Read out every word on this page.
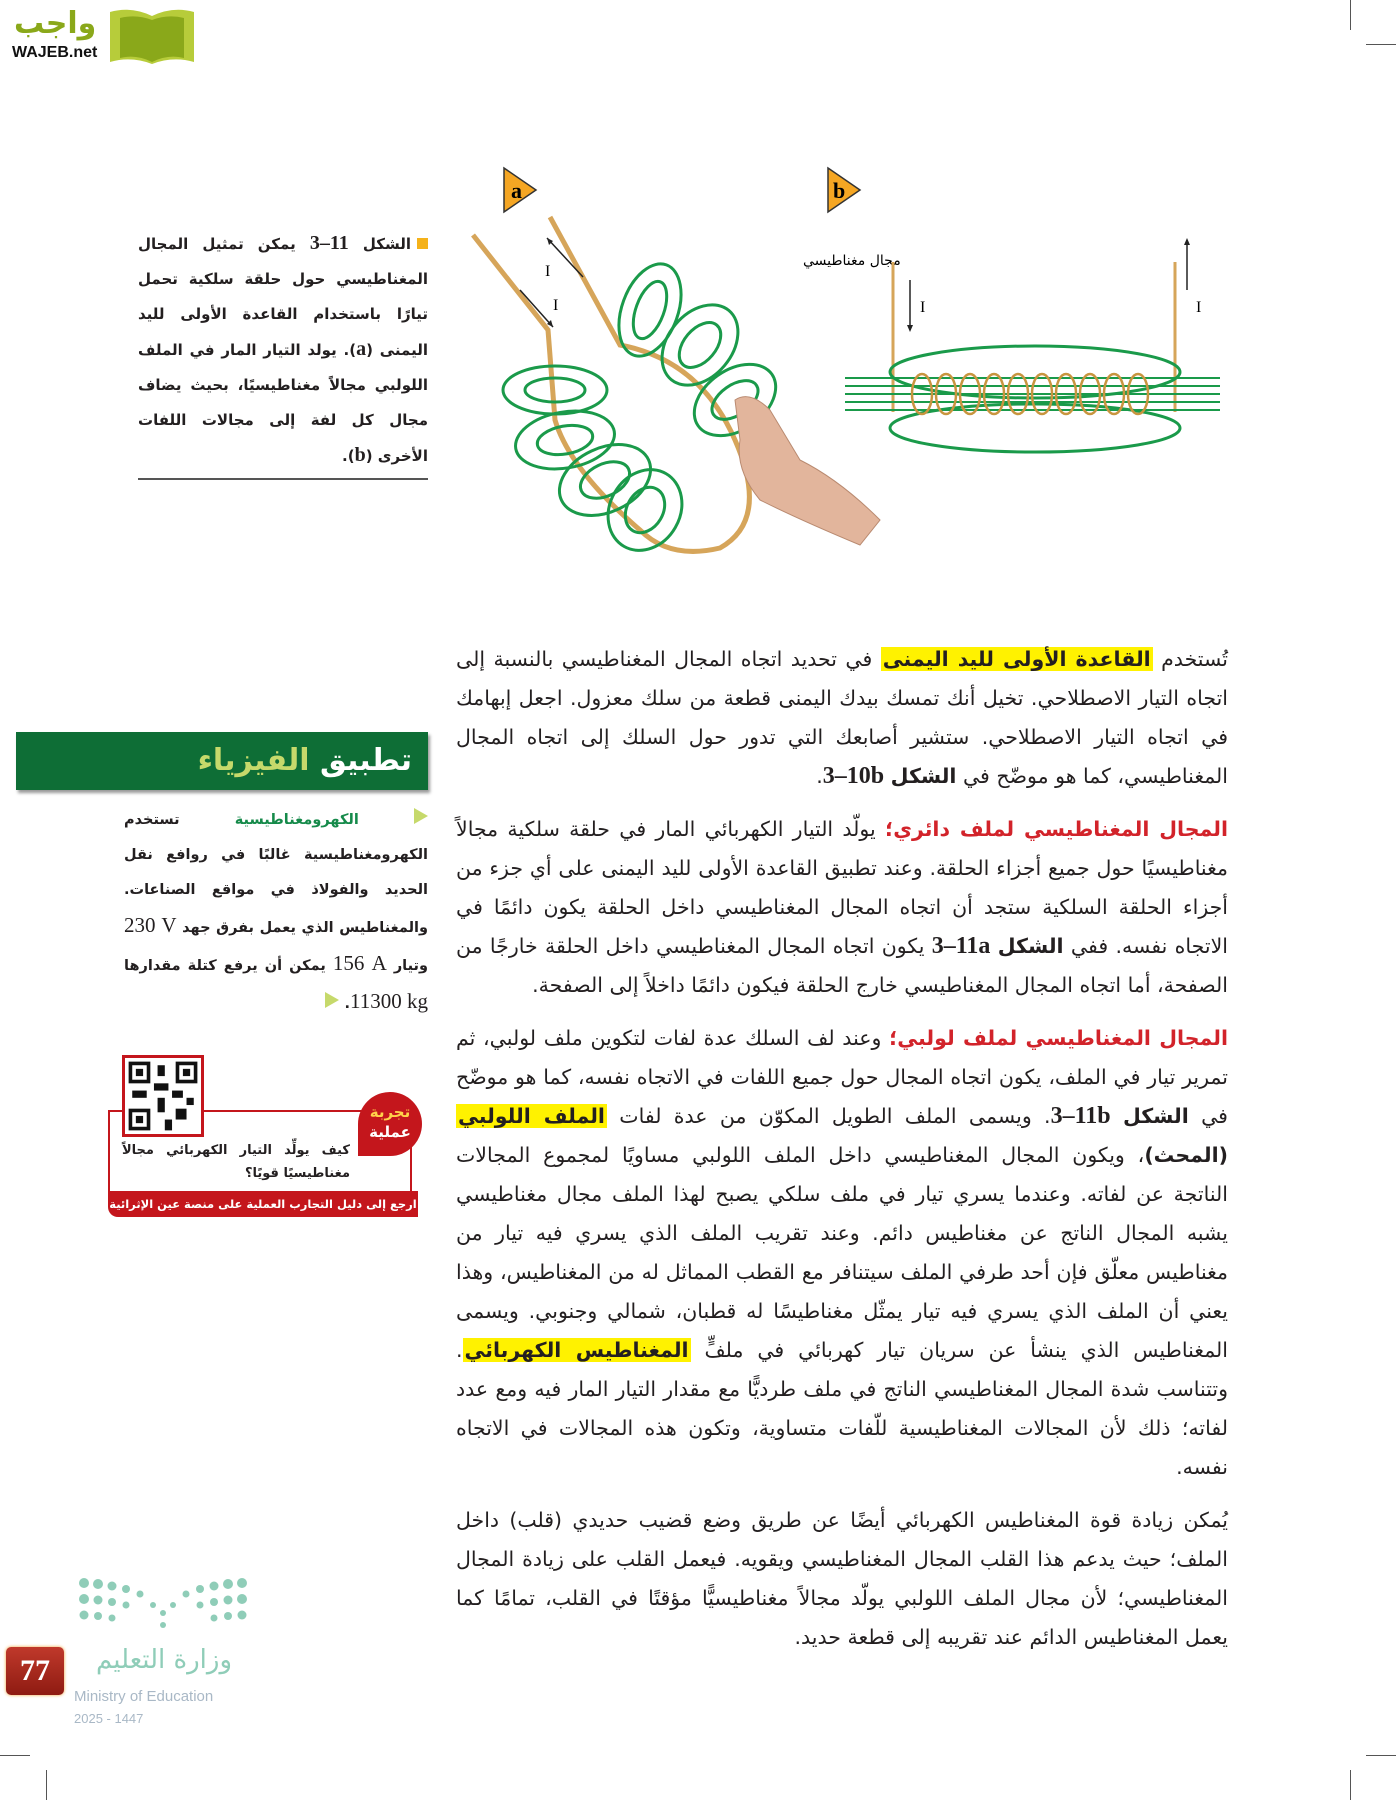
واجب
WAJEB.net
a	b
I
I
مجال مغناطيسي
I	I
الشكل 3–11 يمكن تمثيل المجال المغناطيسي حول حلقة سلكية تحمل تيارًا باستخدام القاعدة الأولى لليد اليمنى (a). يولد التيار المار في الملف اللولبي مجالاً مغناطيسيًا، بحيث يضاف مجال كل لفة إلى مجالات اللفات الأخرى (b).
تطبيق الفيزياء
الكهرومغناطيسية تستخدم الكهرومغناطيسية غالبًا في روافع نقل الحديد والفولاذ في مواقع الصناعات. والمغناطيس الذي يعمل بفرق جهد 230 V وتيار 156 A يمكن أن يرفع كتلة مقدارها 11300 kg.
تجربة
عملية
كيف يولِّد التيار الكهربائي مجالاً مغناطيسيًا قويًا؟
ارجع إلى دليل التجارب العملية على منصة عين الإثرائية

تُستخدم القاعدة الأولى لليد اليمنى في تحديد اتجاه المجال المغناطيسي بالنسبة إلى اتجاه التيار الاصطلاحي. تخيل أنك تمسك بيدك اليمنى قطعة من سلك معزول. اجعل إبهامك في اتجاه التيار الاصطلاحي. ستشير أصابعك التي تدور حول السلك إلى اتجاه المجال المغناطيسي، كما هو موضّح في الشكل 3–10b.

المجال المغناطيسي لملف دائري؛ يولّد التيار الكهربائي المار في حلقة سلكية مجالاً مغناطيسيًا حول جميع أجزاء الحلقة. وعند تطبيق القاعدة الأولى لليد اليمنى على أي جزء من أجزاء الحلقة السلكية ستجد أن اتجاه المجال المغناطيسي داخل الحلقة يكون دائمًا في الاتجاه نفسه. ففي الشكل 3–11a يكون اتجاه المجال المغناطيسي داخل الحلقة خارجًا من الصفحة، أما اتجاه المجال المغناطيسي خارج الحلقة فيكون دائمًا داخلاً إلى الصفحة.

المجال المغناطيسي لملف لولبي؛ وعند لف السلك عدة لفات لتكوين ملف لولبي، ثم تمرير تيار في الملف، يكون اتجاه المجال حول جميع اللفات في الاتجاه نفسه، كما هو موضّح في الشكل 3–11b. ويسمى الملف الطويل المكوّن من عدة لفات الملف اللولبي (المحث)، ويكون المجال المغناطيسي داخل الملف اللولبي مساويًا لمجموع المجالات الناتجة عن لفاته. وعندما يسري تيار في ملف سلكي يصبح لهذا الملف مجال مغناطيسي يشبه المجال الناتج عن مغناطيس دائم. وعند تقريب الملف الذي يسري فيه تيار من مغناطيس معلّق فإن أحد طرفي الملف سيتنافر مع القطب المماثل له من المغناطيس، وهذا يعني أن الملف الذي يسري فيه تيار يمثّل مغناطيسًا له قطبان، شمالي وجنوبي. ويسمى المغناطيس الذي ينشأ عن سريان تيار كهربائي في ملفٍّ المغناطيس الكهربائي. وتتناسب شدة المجال المغناطيسي الناتج في ملف طرديًّا مع مقدار التيار المار فيه ومع عدد لفاته؛ ذلك لأن المجالات المغناطيسية للّفات متساوية، وتكون هذه المجالات في الاتجاه نفسه.

يُمكن زيادة قوة المغناطيس الكهربائي أيضًا عن طريق وضع قضيب حديدي (قلب) داخل الملف؛ حيث يدعم هذا القلب المجال المغناطيسي ويقويه. فيعمل القلب على زيادة المجال المغناطيسي؛ لأن مجال الملف اللولبي يولّد مجالاً مغناطيسيًّا مؤقتًا في القلب، تمامًا كما يعمل المغناطيس الدائم عند تقريبه إلى قطعة حديد.

77	وزارة التعليم
Ministry of Education
2025 - 1447
